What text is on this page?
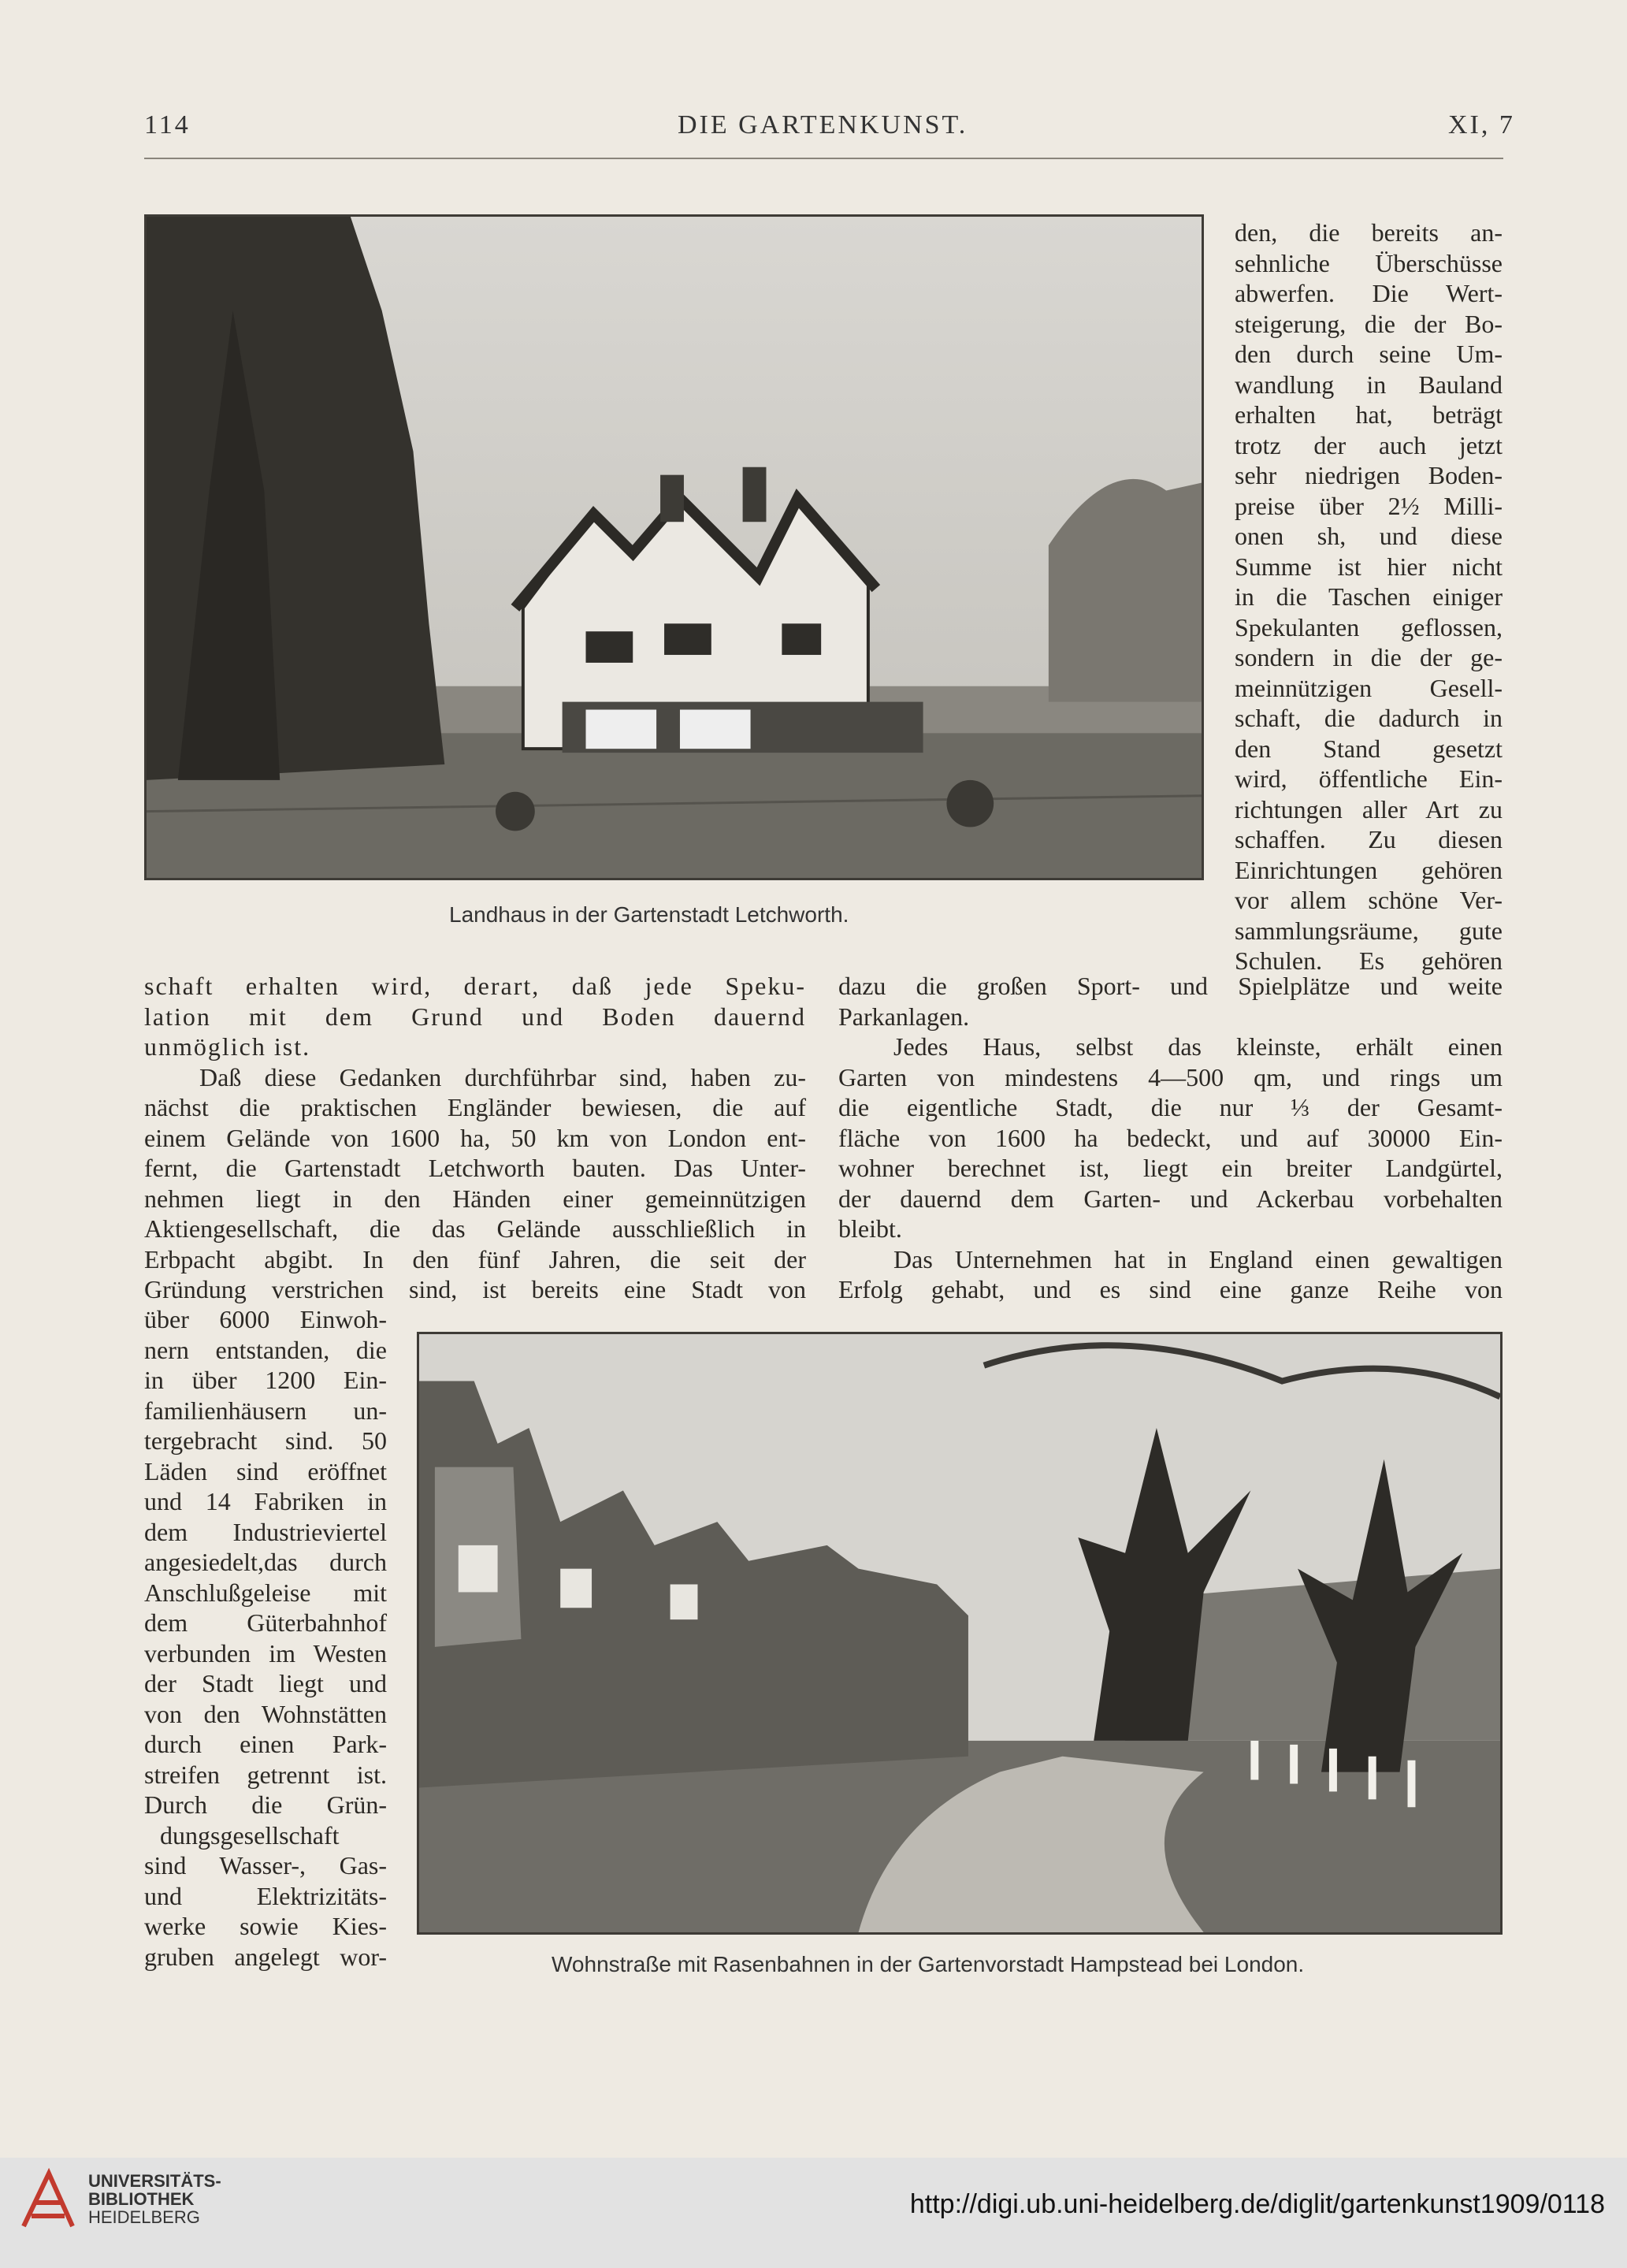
114	DIE GARTENKUNST.	XI, 7
Landhaus in der Gartenstadt Letchworth.
den, die bereits an-
sehnliche Überschüsse
abwerfen. Die Wert-
steigerung, die der Bo-
den durch seine Um-
wandlung in Bauland
erhalten hat, beträgt
trotz der auch jetzt
sehr niedrigen Boden-
preise über 2½ Milli-
onen sh, und diese
Summe ist hier nicht
in die Taschen einiger
Spekulanten geflossen,
sondern in die der ge-
meinnützigen Gesell-
schaft, die dadurch in
den Stand gesetzt
wird, öffentliche Ein-
richtungen aller Art zu
schaffen. Zu diesen
Einrichtungen gehören
vor allem schöne Ver-
sammlungsräume, gute
Schulen. Es gehören
schaft erhalten wird, derart, daß jede Speku-
lation mit dem Grund und Boden dauernd
unmöglich ist.
Daß diese Gedanken durchführbar sind, haben zu-
nächst die praktischen Engländer bewiesen, die auf
einem Gelände von 1600 ha, 50 km von London ent-
fernt, die Gartenstadt Letchworth bauten. Das Unter-
nehmen liegt in den Händen einer gemeinnützigen
Aktiengesellschaft, die das Gelände ausschließlich in
Erbpacht abgibt. In den fünf Jahren, die seit der
Gründung verstrichen sind, ist bereits eine Stadt von
dazu die großen Sport- und Spielplätze und weite
Parkanlagen.
Jedes Haus, selbst das kleinste, erhält einen
Garten von mindestens 4—500 qm, und rings um
die eigentliche Stadt, die nur ⅓ der Gesamt-
fläche von 1600 ha bedeckt, und auf 30000 Ein-
wohner berechnet ist, liegt ein breiter Landgürtel,
der dauernd dem Garten- und Ackerbau vorbehalten
bleibt.
Das Unternehmen hat in England einen gewaltigen
Erfolg gehabt, und es sind eine ganze Reihe von
über 6000 Einwoh-
nern entstanden, die
in über 1200 Ein-
familienhäusern un-
tergebracht sind. 50
Läden sind eröffnet
und 14 Fabriken in
dem Industrieviertel
angesiedelt,das durch
Anschlußgeleise mit
dem Güterbahnhof
verbunden im Westen
der Stadt liegt und
von den Wohnstätten
durch einen Park-
streifen getrennt ist.
Durch die Grün-
dungsgesellschaft
sind Wasser-, Gas-
und Elektrizitäts-
werke sowie Kies-
gruben angelegt wor-	Wohnstraße mit Rasenbahnen in der Gartenvorstadt Hampstead bei London.
UNIVERSITÄTS-
BIBLIOTHEK
HEIDELBERG	http://digi.ub.uni-heidelberg.de/diglit/gartenkunst1909/0118
